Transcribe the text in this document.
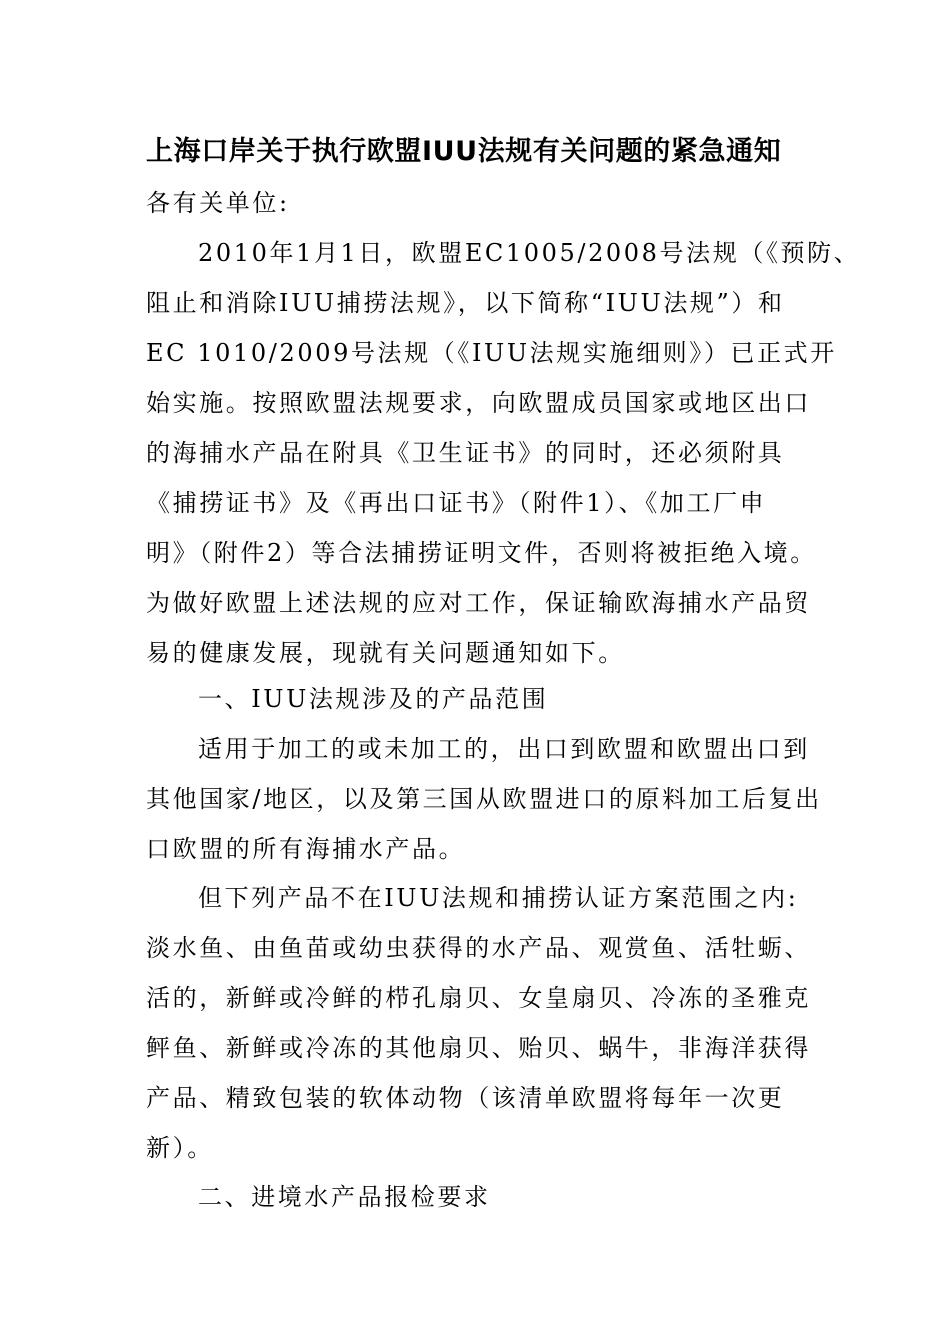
上海口岸关于执行欧盟IUU法规有关问题的紧急通知
各有关单位:
2010年1月1日，欧盟EC1005/2008号法规（《预防、
阻止和消除IUU捕捞法规》，以下简称“IUU法规”）和
EC 1010/2009号法规（《IUU法规实施细则》）已正式开
始实施。按照欧盟法规要求，向欧盟成员国家或地区出口
的海捕水产品在附具《卫生证书》的同时，还必须附具
《捕捞证书》及《再出口证书》（附件1）、《加工厂申
明》（附件2）等合法捕捞证明文件，否则将被拒绝入境。
为做好欧盟上述法规的应对工作，保证输欧海捕水产品贸
易的健康发展，现就有关问题通知如下。
一、IUU法规涉及的产品范围
适用于加工的或未加工的，出口到欧盟和欧盟出口到
其他国家/地区，以及第三国从欧盟进口的原料加工后复出
口欧盟的所有海捕水产品。
但下列产品不在IUU法规和捕捞认证方案范围之内:
淡水鱼、由鱼苗或幼虫获得的水产品、观赏鱼、活牡蛎、
活的，新鲜或冷鲜的栉孔扇贝、女皇扇贝、冷冻的圣雅克
鲆鱼、新鲜或冷冻的其他扇贝、贻贝、蜗牛，非海洋获得
产品、精致包装的软体动物（该清单欧盟将每年一次更
新）。
二、进境水产品报检要求
